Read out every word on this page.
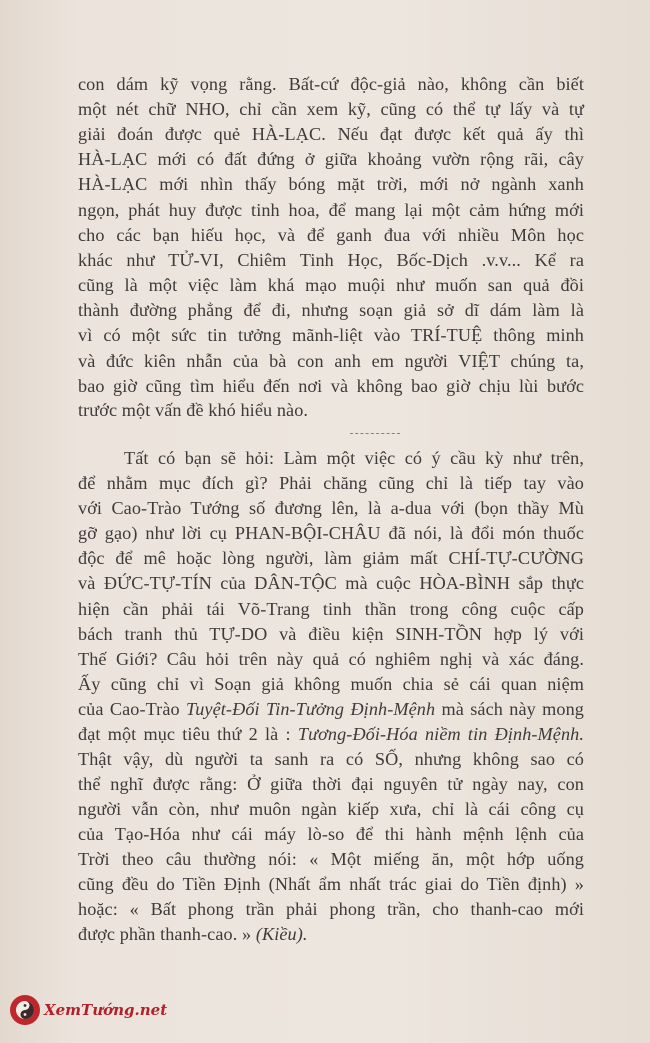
con dám kỹ vọng rằng. Bất-cứ độc-giả nào, không cần biết
một nét chữ NHO, chỉ cần xem kỹ, cũng có thể tự lấy và tự
giải đoán được quẻ HÀ-LẠC. Nếu đạt được kết quả ấy thì
HÀ-LẠC mới có đất đứng ở giữa khoảng vườn rộng rãi, cây
HÀ-LẠC mới nhìn thấy bóng mặt trời, mới nở ngành xanh
ngọn, phát huy được tinh hoa, để mang lại một cảm hứng mới
cho các bạn hiếu học, và để ganh đua với nhiều Môn học
khác như TỬ-VI, Chiêm Tinh Học, Bốc-Dịch .v.v... Kể ra
cũng là một việc làm khá mạo muội như muốn san quả đồi
thành đường phẳng để đi, nhưng soạn giả sở dĩ dám làm là
vì có một sức tin tưởng mãnh-liệt vào TRÍ-TUỆ thông minh
và đức kiên nhẫn của bà con anh em người VIỆT chúng ta,
bao giờ cũng tìm hiểu đến nơi và không bao giờ chịu lùi bước
trước một vấn đề khó hiểu nào.
Tất có bạn sẽ hỏi: Làm một việc có ý cầu kỳ như trên,
để nhằm mục đích gì? Phải chăng cũng chỉ là tiếp tay vào
với Cao-Trào Tướng số đương lên, là a-dua với (bọn thầy Mù
gỡ gạo) như lời cụ PHAN-BỘI-CHÂU đã nói, là đổi món thuốc
độc để mê hoặc lòng người, làm giảm mất CHÍ-TỰ-CƯỜNG
và ĐỨC-TỰ-TÍN của DÂN-TỘC mà cuộc HÒA-BÌNH sắp thực
hiện cần phải tái Võ-Trang tinh thần trong công cuộc cấp
bách tranh thủ TỰ-DO và điều kiện SINH-TỒN hợp lý với
Thế Giới? Câu hỏi trên này quả có nghiêm nghị và xác đáng.
Ấy cũng chỉ vì Soạn giả không muốn chia sẻ cái quan niệm
của Cao-Trào Tuyệt-Đối Tin-Tưởng Định-Mệnh mà sách này mong
đạt một mục tiêu thứ 2 là : Tương-Đối-Hóa niềm tin Định-Mệnh.
Thật vậy, dù người ta sanh ra có SỐ, nhưng không sao có
thể nghĩ được rằng: Ở giữa thời đại nguyên tử ngày nay, con
người vẫn còn, như muôn ngàn kiếp xưa, chỉ là cái công cụ
của Tạo-Hóa như cái máy lò-so để thi hành mệnh lệnh của
Trời theo câu thường nói: « Một miếng ăn, một hớp uống
cũng đều do Tiền Định (Nhất ẩm nhất trác giai do Tiền định) »
hoặc: « Bất phong trần phải phong trần, cho thanh-cao mới
được phần thanh-cao. » (Kiều).
XemTướng.net
